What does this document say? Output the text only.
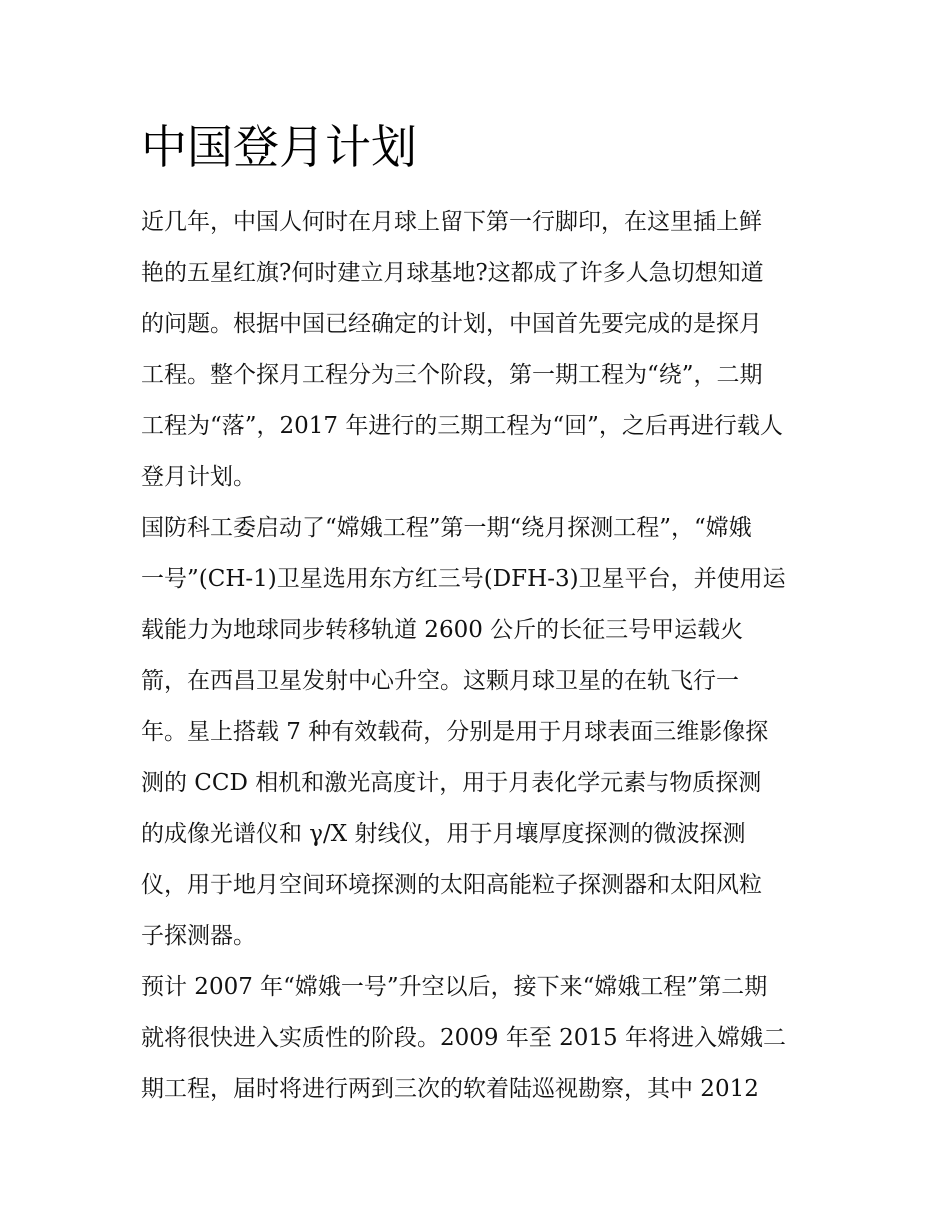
中国登月计划

近几年，中国人何时在月球上留下第一行脚印，在这里插上鲜
艳的五星红旗?何时建立月球基地?这都成了许多人急切想知道
的问题。根据中国已经确定的计划，中国首先要完成的是探月
工程。整个探月工程分为三个阶段，第一期工程为“绕”，二期
工程为“落”，2017 年进行的三期工程为“回”，之后再进行载人
登月计划。

国防科工委启动了“嫦娥工程”第一期“绕月探测工程”，“嫦娥
一号”(CH-1)卫星选用东方红三号(DFH-3)卫星平台，并使用运
载能力为地球同步转移轨道 2600 公斤的长征三号甲运载火
箭，在西昌卫星发射中心升空。这颗月球卫星的在轨飞行一
年。星上搭载 7 种有效载荷，分别是用于月球表面三维影像探
测的 CCD 相机和激光高度计，用于月表化学元素与物质探测
的成像光谱仪和 γ/X 射线仪，用于月壤厚度探测的微波探测
仪，用于地月空间环境探测的太阳高能粒子探测器和太阳风粒
子探测器。

预计 2007 年“嫦娥一号”升空以后，接下来“嫦娥工程”第二期
就将很快进入实质性的阶段。2009 年至 2015 年将进入嫦娥二
期工程，届时将进行两到三次的软着陆巡视勘察，其中 2012
